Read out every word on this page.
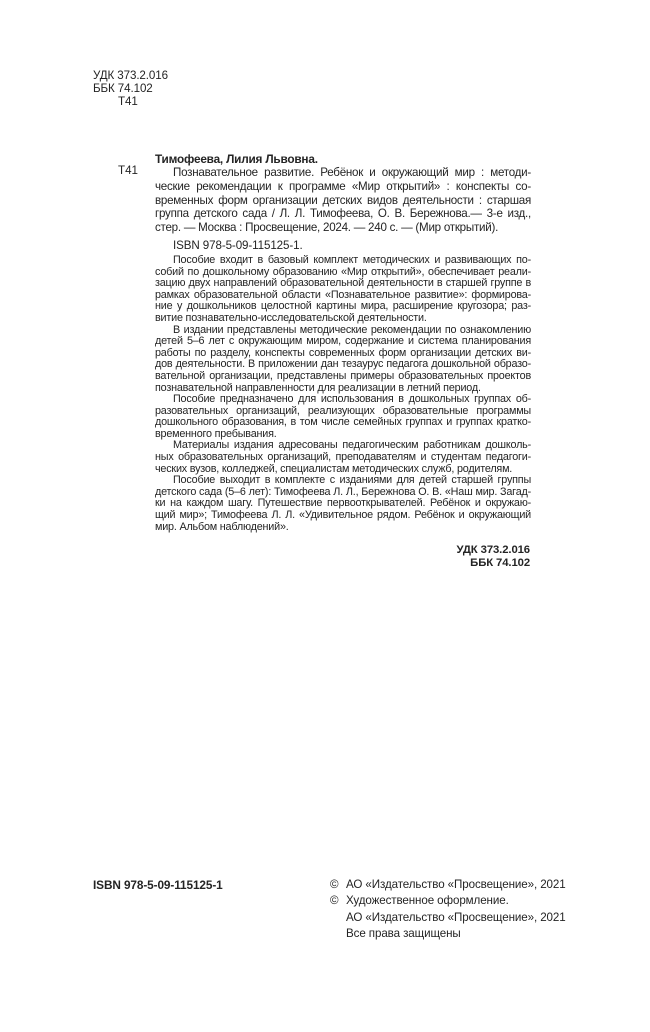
УДК 373.2.016
ББК 74.102
Т41
Т41
Тимофеева, Лилия Львовна.
Познавательное развитие. Ребёнок и окружающий мир : методи-
ческие рекомендации к программе «Мир открытий» : конспекты со-
временных форм организации детских видов деятельности : старшая
группа детского сада / Л. Л. Тимофеева, О. В. Бережнова.— 3-е изд.,
стер. — Москва : Просвещение, 2024. — 240 с. — (Мир открытий).
ISBN 978-5-09-115125-1.
Пособие входит в базовый комплект методических и развивающих по-
собий по дошкольному образованию «Мир открытий», обеспечивает реали-
зацию двух направлений образовательной деятельности в старшей группе в
рамках образовательной области «Познавательное развитие»: формирова-
ние у дошкольников целостной картины мира, расширение кругозора; раз-
витие познавательно-исследовательской деятельности.
В издании представлены методические рекомендации по ознакомлению
детей 5–6 лет с окружающим миром, содержание и система планирования
работы по разделу, конспекты современных форм организации детских ви-
дов деятельности. В приложении дан тезаурус педагога дошкольной образо-
вательной организации, представлены примеры образовательных проектов
познавательной направленности для реализации в летний период.
Пособие предназначено для использования в дошкольных группах об-
разовательных организаций, реализующих образовательные программы
дошкольного образования, в том числе семейных группах и группах кратко-
временного пребывания.
Материалы издания адресованы педагогическим работникам дошколь-
ных образовательных организаций, преподавателям и студентам педагоги-
ческих вузов, колледжей, специалистам методических служб, родителям.
Пособие выходит в комплекте с изданиями для детей старшей группы
детского сада (5–6 лет): Тимофеева Л. Л., Бережнова О. В. «Наш мир. Загад-
ки на каждом шагу. Путешествие первооткрывателей. Ребёнок и окружаю-
щий мир»; Тимофеева Л. Л. «Удивительное рядом. Ребёнок и окружающий
мир. Альбом наблюдений».
УДК 373.2.016
ББК 74.102
ISBN 978-5-09-115125-1	© АО «Издательство «Просвещение», 2021
© Художественное оформление.
АО «Издательство «Просвещение», 2021
Все права защищены
